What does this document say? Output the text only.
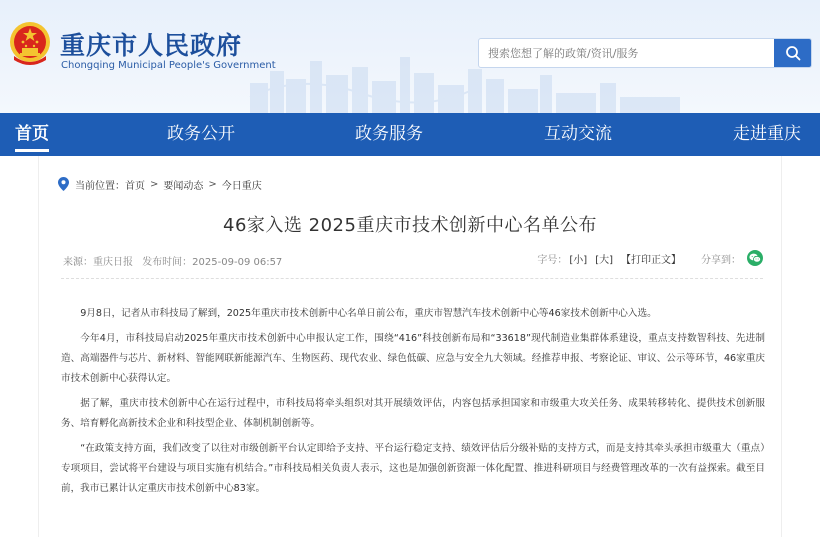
重庆市人民政府
Chongqing Municipal People's Government
搜索您想了解的政策/资讯/服务
首页	政务公开	政务服务	互动交流	走进重庆
当前位置： 首页 > 要闻动态 > 今日重庆
46家入选 2025重庆市技术创新中心名单公布
来源：重庆日报 发布时间：2025-09-09 06:57	字号： [小] [大] 【打印正文】 分享到：

9月8日，记者从市科技局了解到，2025年重庆市技术创新中心名单日前公布，重庆市智慧汽车技术创新中心等46家技术创新中心入选。

今年4月，市科技局启动2025年重庆市技术创新中心申报认定工作，围绕“416”科技创新布局和“33618”现代制造业集群体系建设，重点支持数智科技、先进制造、高端器件与芯片、新材料、智能网联新能源汽车、生物医药、现代农业、绿色低碳、应急与安全九大领域。经推荐申报、考察论证、审议、公示等环节，46家重庆市技术创新中心获得认定。

据了解，重庆市技术创新中心在运行过程中，市科技局将牵头组织对其开展绩效评估，内容包括承担国家和市级重大攻关任务、成果转移转化、提供技术创新服务、培育孵化高新技术企业和科技型企业、体制机制创新等。

“在政策支持方面，我们改变了以往对市级创新平台认定即给予支持、平台运行稳定支持、绩效评估后分级补贴的支持方式，而是支持其牵头承担市级重大（重点）专项项目，尝试将平台建设与项目实施有机结合。”市科技局相关负责人表示，这也是加强创新资源一体化配置、推进科研项目与经费管理改革的一次有益探索。截至目前，我市已累计认定重庆市技术创新中心83家。
